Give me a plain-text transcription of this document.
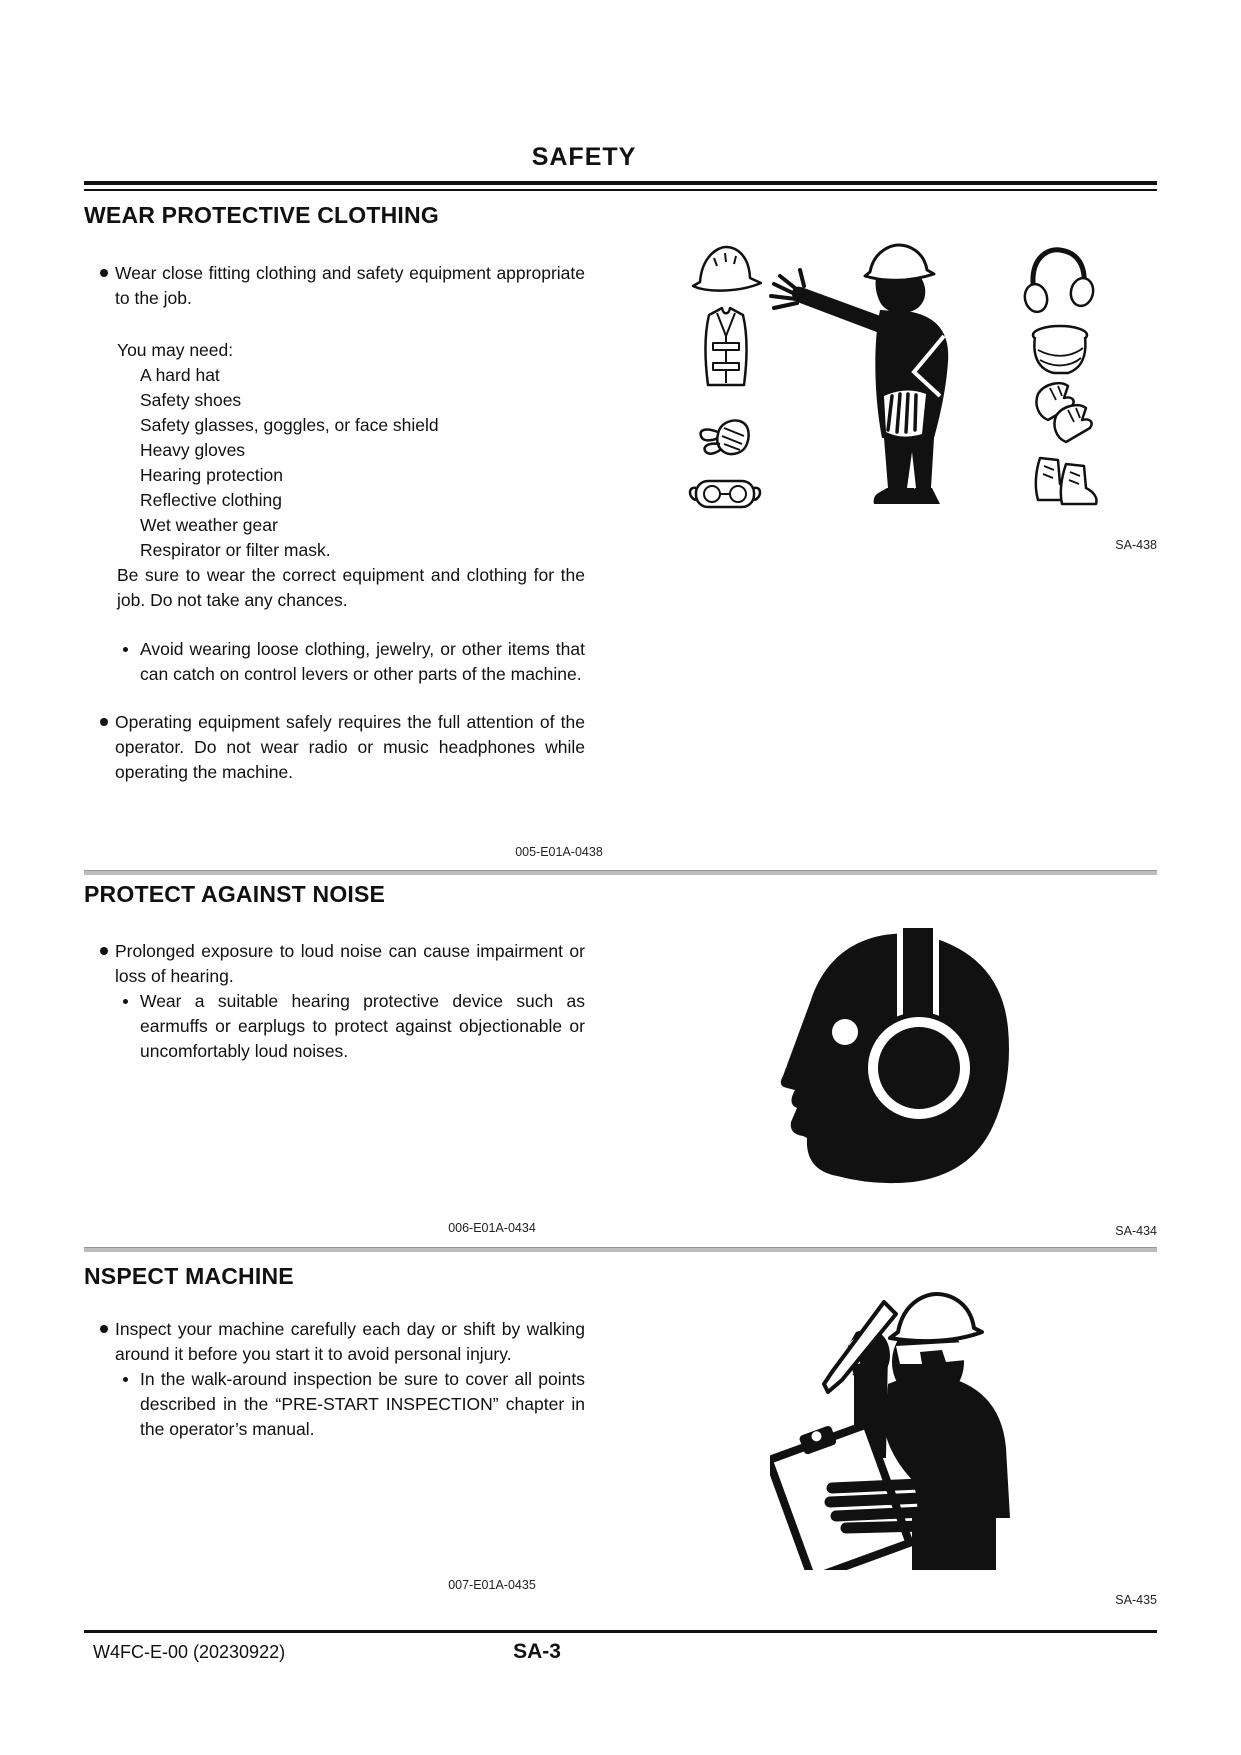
SAFETY
WEAR PROTECTIVE CLOTHING
Wear close fitting clothing and safety equipment appropriate to the job.
You may need:
A hard hat
Safety shoes
Safety glasses, goggles, or face shield
Heavy gloves
Hearing protection
Reflective clothing
Wet weather gear
Respirator or filter mask.
Be sure to wear the correct equipment and clothing for the job. Do not take any chances.
Avoid wearing loose clothing, jewelry, or other items that can catch on control levers or other parts of the machine.
Operating equipment safely requires the full attention of the operator. Do not wear radio or music headphones while operating the machine.
SA-438
005-E01A-0438
PROTECT AGAINST NOISE
Prolonged exposure to loud noise can cause impairment or loss of hearing.
Wear a suitable hearing protective device such as earmuffs or earplugs to protect against objectionable or uncomfortably loud noises.
006-E01A-0434	SA-434
NSPECT MACHINE
Inspect your machine carefully each day or shift by walking around it before you start it to avoid personal injury.
In the walk-around inspection be sure to cover all points described in the “PRE-START INSPECTION” chapter in the operator’s manual.
007-E01A-0435
SA-435
W4FC-E-00 (20230922)	SA-3
